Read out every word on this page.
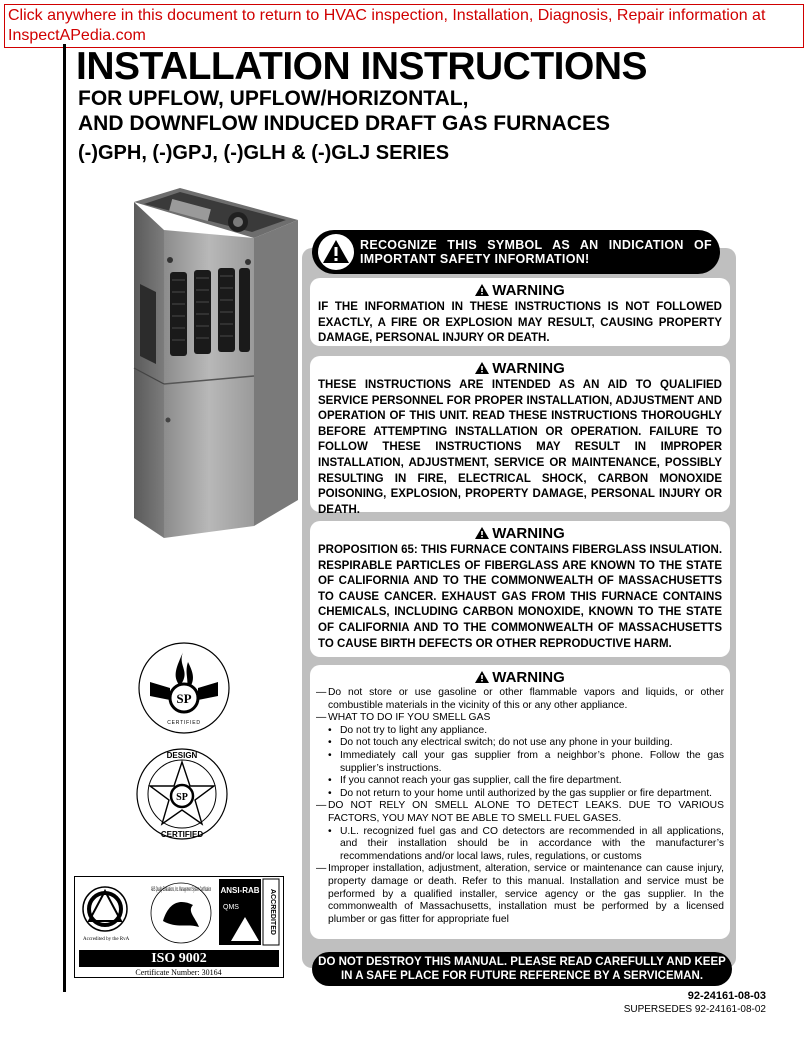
Click anywhere in this document to return to HVAC inspection, Installation, Diagnosis, Repair information at InspectAPedia.com
INSTALLATION INSTRUCTIONS
FOR UPFLOW, UPFLOW/HORIZONTAL,
AND DOWNFLOW INDUCED DRAFT GAS FURNACES
(-)GPH, (-)GPJ, (-)GLH & (-)GLJ SERIES
SP
CERTIFIED
SP
DESIGN
CERTIFIED
ABS Quality Evaluations, Inc. Management System Certification ANSI-RAB
QMS	ACCREDITED
Accredited by the RvA
ISO 9002
Certificate Number: 30164
RECOGNIZE THIS SYMBOL AS AN INDICATION OF IMPORTANT SAFETY INFORMATION!
WARNING
IF THE INFORMATION IN THESE INSTRUCTIONS IS NOT FOLLOWED EXACTLY, A FIRE OR EXPLOSION MAY RESULT, CAUSING PROPERTY DAMAGE, PERSONAL INJURY OR DEATH.
WARNING
THESE INSTRUCTIONS ARE INTENDED AS AN AID TO QUALIFIED SERVICE PERSONNEL FOR PROPER INSTALLATION, ADJUSTMENT AND OPERATION OF THIS UNIT. READ THESE INSTRUCTIONS THOROUGHLY BEFORE ATTEMPTING INSTALLATION OR OPERATION. FAILURE TO FOLLOW THESE INSTRUCTIONS MAY RESULT IN IMPROPER INSTALLATION, ADJUSTMENT, SERVICE OR MAINTENANCE, POSSIBLY RESULTING IN FIRE, ELECTRICAL SHOCK, CARBON MONOXIDE POISONING, EXPLOSION, PROPERTY DAMAGE, PERSONAL INJURY OR DEATH.
WARNING
PROPOSITION 65: THIS FURNACE CONTAINS FIBERGLASS INSULATION. RESPIRABLE PARTICLES OF FIBERGLASS ARE KNOWN TO THE STATE OF CALIFORNIA AND TO THE COMMONWEALTH OF MASSACHUSETTS TO CAUSE CANCER. EXHAUST GAS FROM THIS FURNACE CONTAINS CHEMICALS, INCLUDING CARBON MONOXIDE, KNOWN TO THE STATE OF CALIFORNIA AND TO THE COMMONWEALTH OF MASSACHUSETTS TO CAUSE BIRTH DEFECTS OR OTHER REPRODUCTIVE HARM.
WARNING
— Do not store or use gasoline or other flammable vapors and liquids, or other combustible materials in the vicinity of this or any other appliance.
— WHAT TO DO IF YOU SMELL GAS
• Do not try to light any appliance.
• Do not touch any electrical switch; do not use any phone in your building.
• Immediately call your gas supplier from a neighbor’s phone. Follow the gas supplier’s instructions.
• If you cannot reach your gas supplier, call the fire department.
• Do not return to your home until authorized by the gas supplier or fire department.
— DO NOT RELY ON SMELL ALONE TO DETECT LEAKS. DUE TO VARIOUS FACTORS, YOU MAY NOT BE ABLE TO SMELL FUEL GASES.
• U.L. recognized fuel gas and CO detectors are recommended in all applications, and their installation should be in accordance with the manufacturer’s recommendations and/or local laws, rules, regulations, or customs
— Improper installation, adjustment, alteration, service or maintenance can cause injury, property damage or death. Refer to this manual. Installation and service must be performed by a qualified installer, service agency or the gas supplier. In the commonwealth of Massachusetts, installation must be performed by a licensed plumber or gas fitter for appropriate fuel
DO NOT DESTROY THIS MANUAL. PLEASE READ CAREFULLY AND KEEP
IN A SAFE PLACE FOR FUTURE REFERENCE BY A SERVICEMAN.
92-24161-08-03
SUPERSEDES 92-24161-08-02
